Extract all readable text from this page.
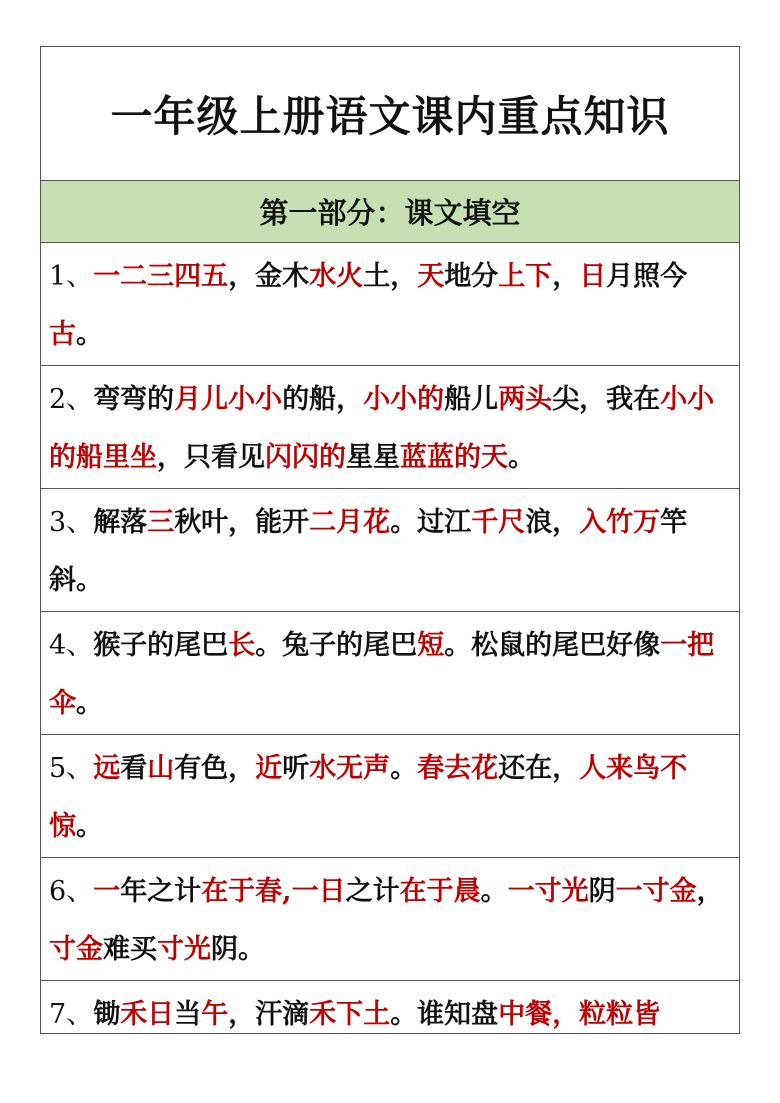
一年级上册语文课内重点知识
第一部分：课文填空
1、一二三四五，金木水火土，天地分上下，日月照今古。
2、弯弯的月儿小小的船，小小的船儿两头尖，我在小小的船里坐，只看见闪闪的星星蓝蓝的天。
3、解落三秋叶，能开二月花。过江千尺浪，入竹万竿斜。
4、猴子的尾巴长。兔子的尾巴短。松鼠的尾巴好像一把伞。
5、远看山有色，近听水无声。春去花还在，人来鸟不惊。
6、一年之计在于春,一日之计在于晨。一寸光阴一寸金，寸金难买寸光阴。
7、锄禾日当午，汗滴禾下土。谁知盘中餐，粒粒皆
